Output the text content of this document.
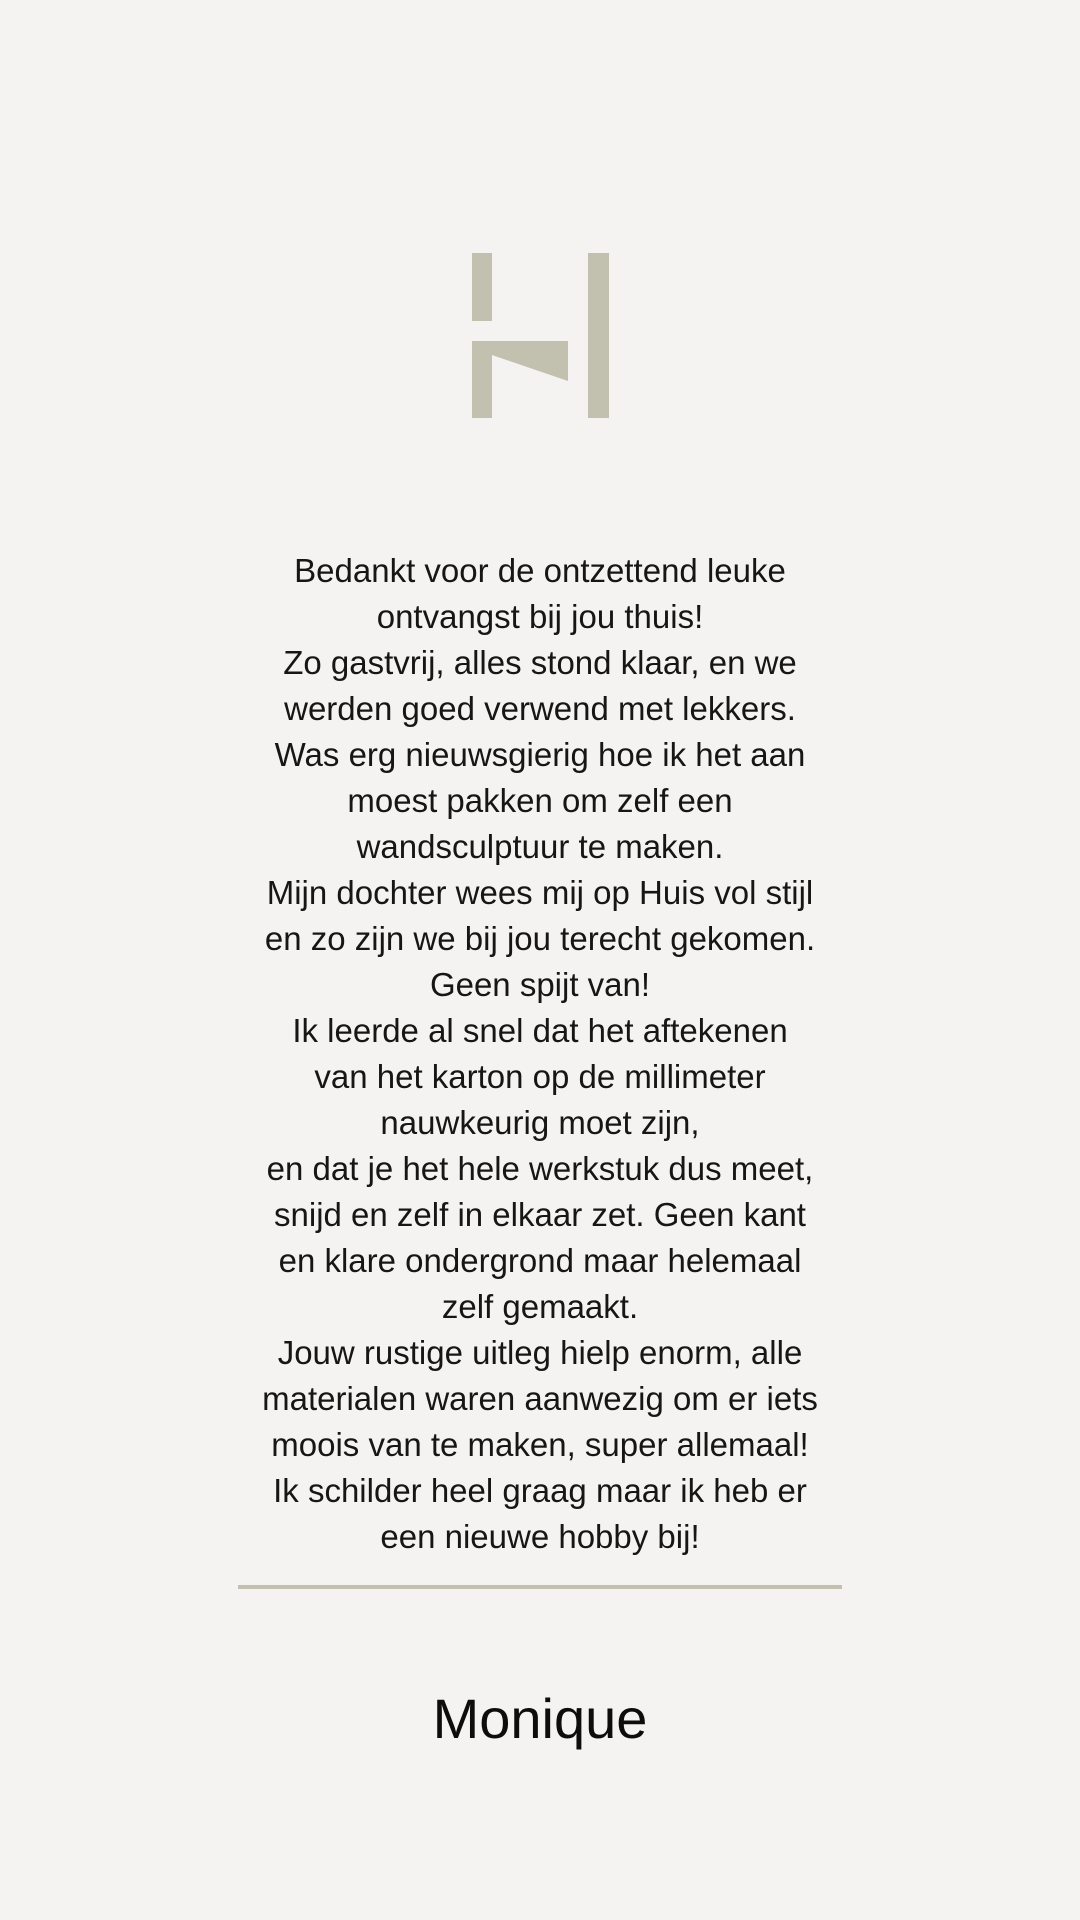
Bedankt voor de ontzettend leuke
ontvangst bij jou thuis!
Zo gastvrij, alles stond klaar, en we
werden goed verwend met lekkers.
Was erg nieuwsgierig hoe ik het aan
moest pakken om zelf een
wandsculptuur te maken.
Mijn dochter wees mij op Huis vol stijl
en zo zijn we bij jou terecht gekomen.
Geen spijt van!
Ik leerde al snel dat het aftekenen
van het karton op de millimeter
nauwkeurig moet zijn,
en dat je het hele werkstuk dus meet,
snijd en zelf in elkaar zet. Geen kant
en klare ondergrond maar helemaal
zelf gemaakt.
Jouw rustige uitleg hielp enorm, alle
materialen waren aanwezig om er iets
moois van te maken, super allemaal!
Ik schilder heel graag maar ik heb er
een nieuwe hobby bij!
Monique
